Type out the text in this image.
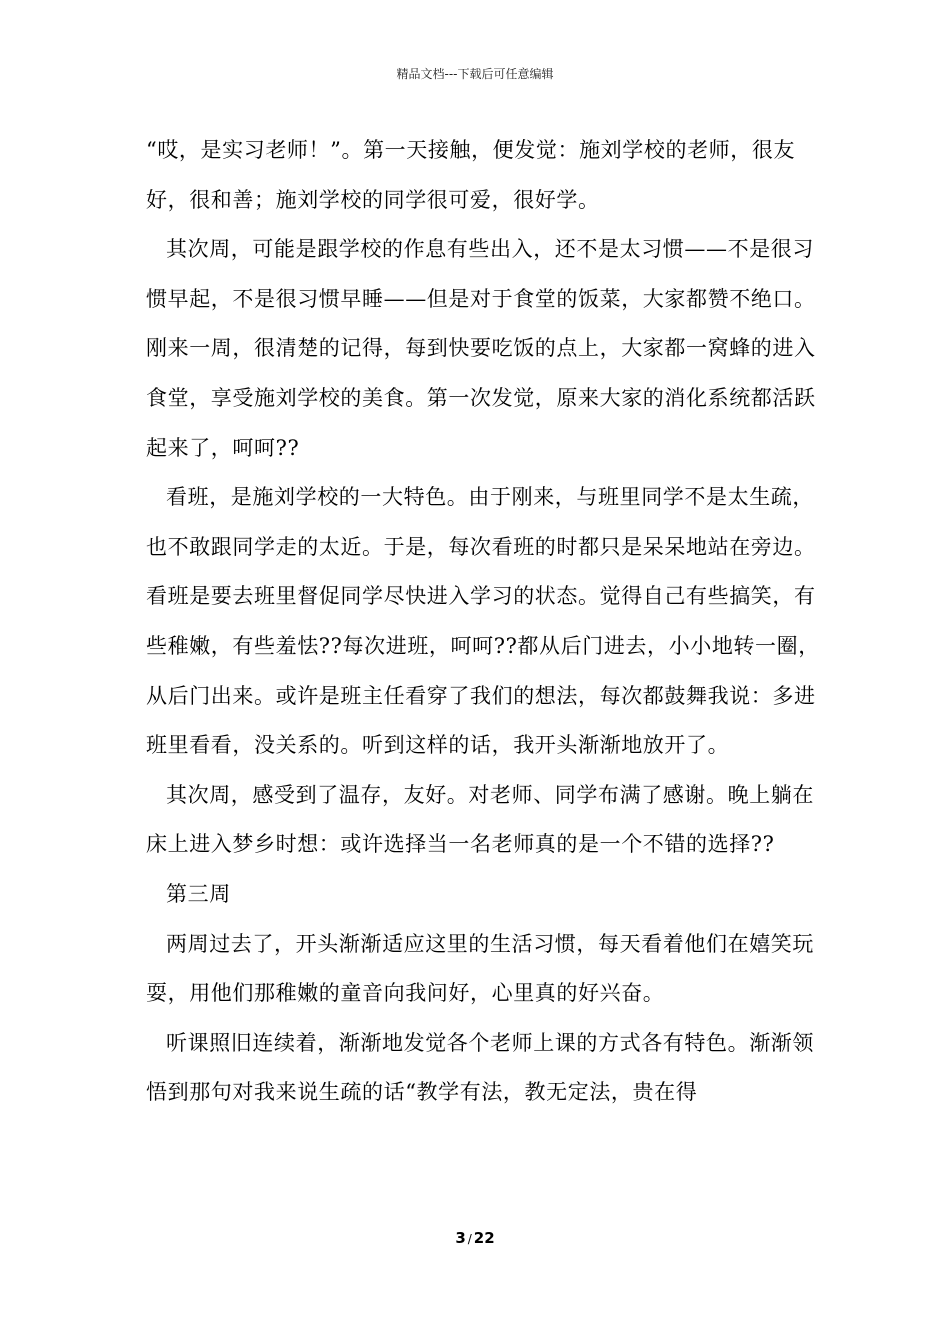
精品文档---下载后可任意编辑

“哎，是实习老师！”。第一天接触，便发觉：施刘学校的老师，很友好，很和善；施刘学校的同学很可爱，很好学。

其次周，可能是跟学校的作息有些出入，还不是太习惯——不是很习惯早起，不是很习惯早睡——但是对于食堂的饭菜，大家都赞不绝口。刚来一周，很清楚的记得，每到快要吃饭的点上，大家都一窝蜂的进入食堂，享受施刘学校的美食。第一次发觉，原来大家的消化系统都活跃起来了，呵呵??

看班，是施刘学校的一大特色。由于刚来，与班里同学不是太生疏，也不敢跟同学走的太近。于是，每次看班的时都只是呆呆地站在旁边。看班是要去班里督促同学尽快进入学习的状态。觉得自己有些搞笑，有些稚嫩，有些羞怯??每次进班，呵呵??都从后门进去，小小地转一圈，从后门出来。或许是班主任看穿了我们的想法，每次都鼓舞我说：多进班里看看，没关系的。听到这样的话，我开头渐渐地放开了。

其次周，感受到了温存，友好。对老师、同学布满了感谢。晚上躺在床上进入梦乡时想：或许选择当一名老师真的是一个不错的选择??

第三周

两周过去了，开头渐渐适应这里的生活习惯，每天看着他们在嬉笑玩耍，用他们那稚嫩的童音向我问好，心里真的好兴奋。

听课照旧连续着，渐渐地发觉各个老师上课的方式各有特色。渐渐领悟到那句对我来说生疏的话“教学有法，教无定法，贵在得

3 / 22
